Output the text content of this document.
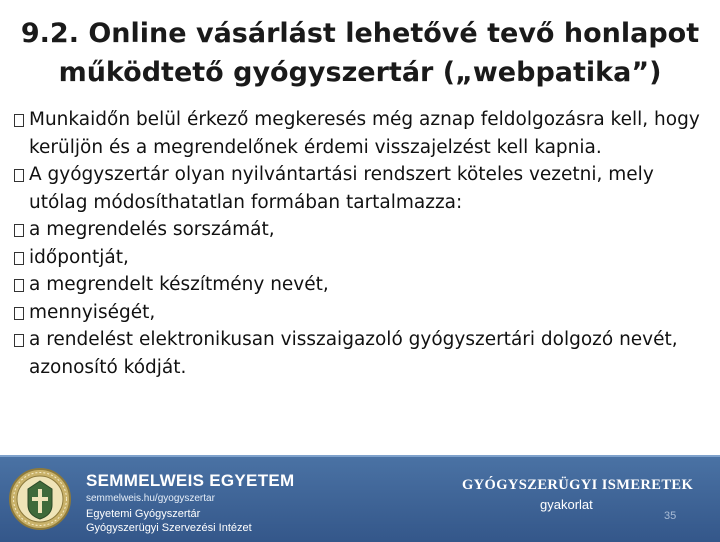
9.2. Online vásárlást lehetővé tevő honlapot
működtető gyógyszertár („webpatika”)
Munkaidőn belül érkező megkeresés még aznap feldolgozásra kell, hogy kerüljön és a megrendelőnek érdemi visszajelzést kell kapnia.
A gyógyszertár olyan nyilvántartási rendszert köteles vezetni, mely utólag módosíthatatlan formában tartalmazza:
a megrendelés sorszámát,
időpontját,
a megrendelt készítmény nevét,
mennyiségét,
a rendelést elektronikusan visszaigazoló gyógyszertári dolgozó nevét, azonosító kódját.
SEMMELWEIS EGYETEM
semmelweis.hu/gyogyszertar
Egyetemi Gyógyszertár
Gyógyszerügyi Szervezési Intézet
GYÓGYSZERÜGYI ISMERETEK
gyakorlat
35
